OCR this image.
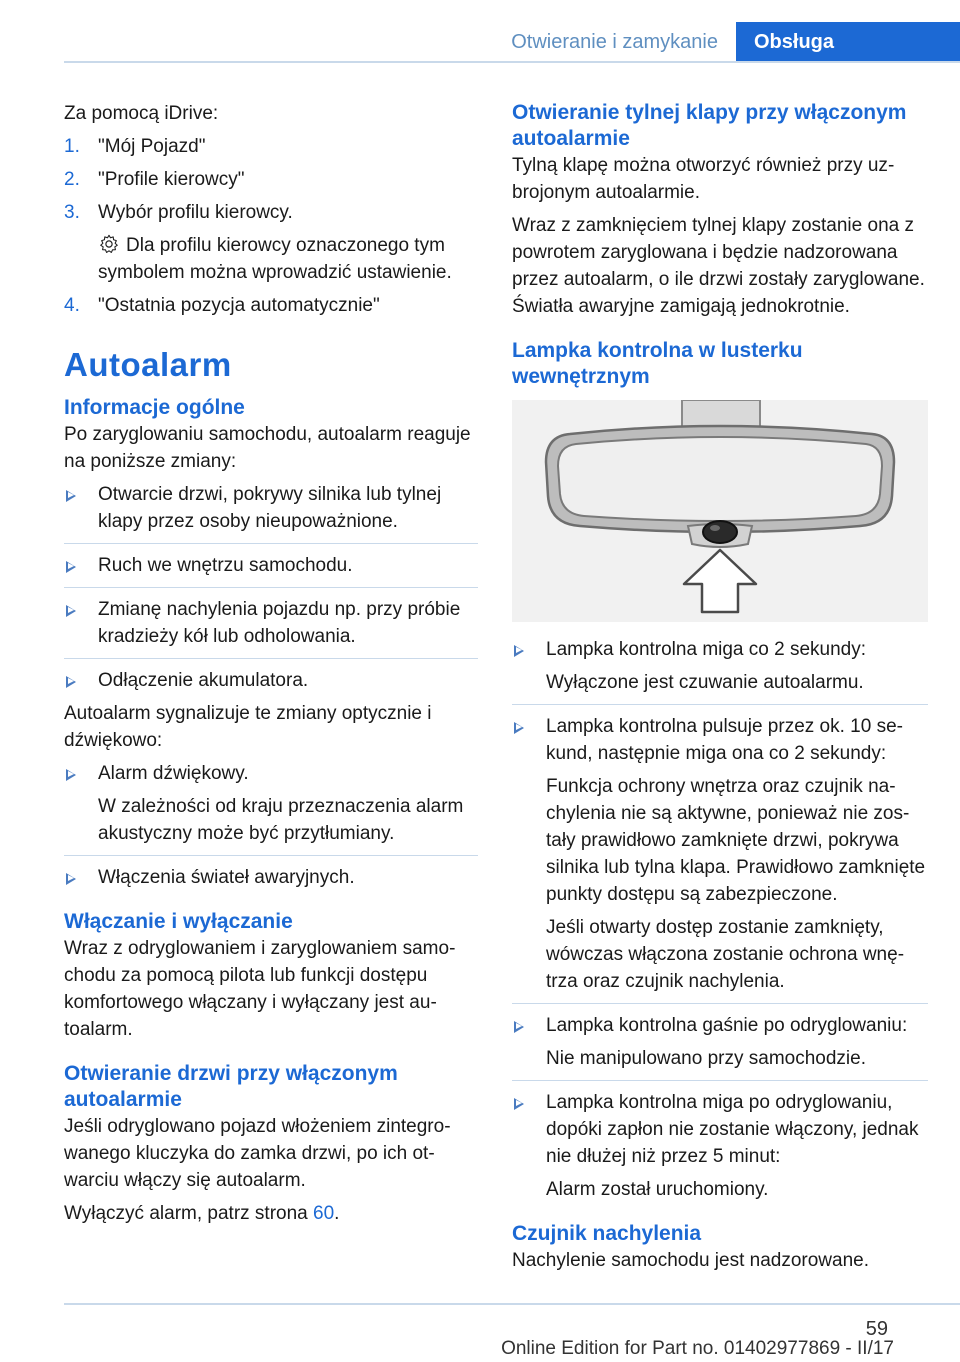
Otwieranie i zamykanie	Obsługa

Za pomocą iDrive:

1. "Mój Pojazd"

2. "Profile kierowcy"

3. Wybór profilu kierowcy.

Dla profilu kierowcy oznaczonego tym symbolem można wprowadzić ustawienie.

4. "Ostatnia pozycja automatycznie"

Autoalarm
Informacje ogólne

Po zaryglowaniu samochodu, autoalarm reaguje na poniższe zmiany:

Otwarcie drzwi, pokrywy silnika lub tylnej klapy przez osoby nieupoważnione.

Ruch we wnętrzu samochodu.

Zmianę nachylenia pojazdu np. przy próbie kradzieży kół lub odholowania.

Odłączenie akumulatora.

Autoalarm sygnalizuje te zmiany optycznie i dźwiękowo:

Alarm dźwiękowy.

W zależności od kraju przeznaczenia alarm akustyczny może być przytłumiany.

Włączenia świateł awaryjnych.

Włączanie i wyłączanie

Wraz z odryglowaniem i zaryglowaniem samochodu za pomocą pilota lub funkcji dostępu komfortowego włączany i wyłączany jest autoalarm.

Otwieranie drzwi przy włączonym autoalarmie

Jeśli odryglowano pojazd włożeniem zintegrowanego kluczyka do zamka drzwi, po ich otwarciu włączy się autoalarm.

Wyłączyć alarm, patrz strona 60.

Otwieranie tylnej klapy przy włączonym autoalarmie

Tylną klapę można otworzyć również przy uzbrojonym autoalarmie.

Wraz z zamknięciem tylnej klapy zostanie ona z powrotem zaryglowana i będzie nadzorowana przez autoalarm, o ile drzwi zostały zaryglowane. Światła awaryjne zamigają jednokrotnie.

Lampka kontrolna w lusterku wewnętrznym

Lampka kontrolna miga co 2 sekundy:

Wyłączone jest czuwanie autoalarmu.

Lampka kontrolna pulsuje przez ok. 10 sekund, następnie miga ona co 2 sekundy:

Funkcja ochrony wnętrza oraz czujnik nachylenia nie są aktywne, ponieważ nie zostały prawidłowo zamknięte drzwi, pokrywa silnika lub tylna klapa. Prawidłowo zamknięte punkty dostępu są zabezpieczone.

Jeśli otwarty dostęp zostanie zamknięty, wówczas włączona zostanie ochrona wnętrza oraz czujnik nachylenia.

Lampka kontrolna gaśnie po odryglowaniu:

Nie manipulowano przy samochodzie.

Lampka kontrolna miga po odryglowaniu, dopóki zapłon nie zostanie włączony, jednak nie dłużej niż przez 5 minut:

Alarm został uruchomiony.

Czujnik nachylenia

Nachylenie samochodu jest nadzorowane.

59
Online Edition for Part no. 01402977869 - II/17
